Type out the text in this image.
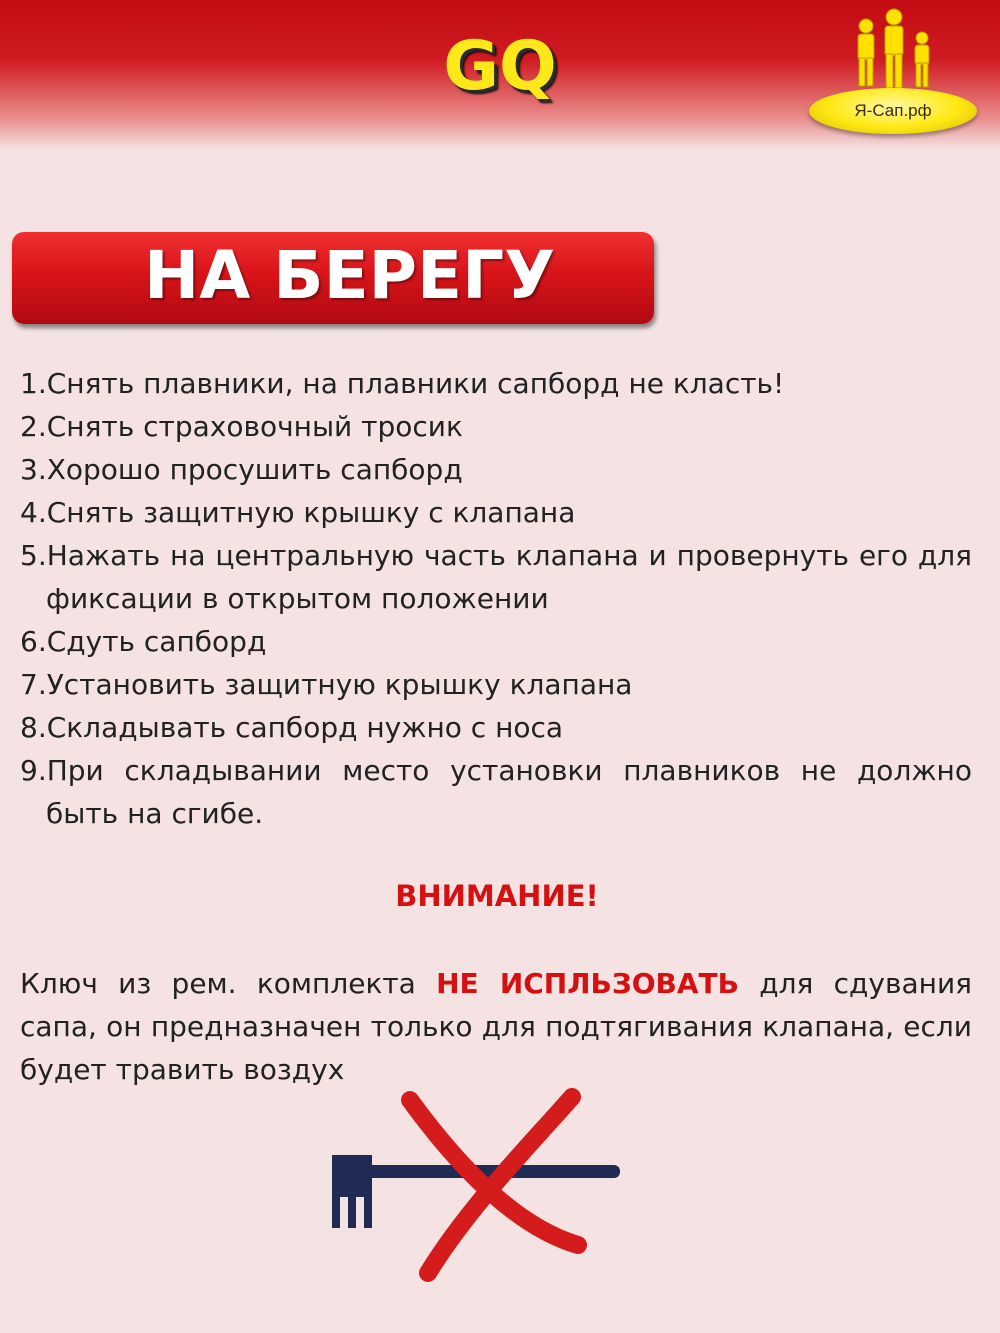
GQ
Я-Сап.рф
НА БЕРЕГУ
1.Снять плавники, на плавники сапборд не класть!
2.Снять страховочный тросик
3.Хорошо просушить сапборд
4.Снять защитную крышку с клапана
5.Нажать на центральную часть клапана и провернуть его для фиксации в открытом положении
6.Сдуть сапборд
7.Установить защитную крышку клапана
8.Складывать сапборд нужно с носа
9.При складывании место установки плавников не должно быть на сгибе.
ВНИМАНИЕ!
Ключ из рем. комплекта НЕ ИСПЛЬЗОВАТЬ для сдувания сапа, он предназначен только для подтягивания клапана, если будет травить воздух
